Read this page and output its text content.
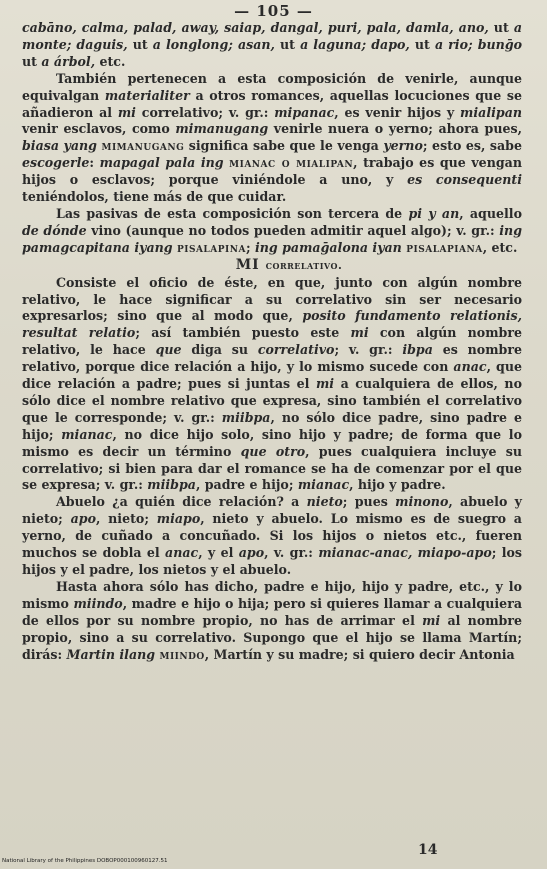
— 105 —

cabāno, calma, palad, away, saiap, dangal, puri, pala, damla, ano, ut a monte; daguis, ut a longlong; asan, ut a laguna; dapo, ut a rio; bunḡo ut a árbol, etc.

También pertenecen a esta composición de venirle, aunque equivalgan materialiter a otros romances, aquellas locuciones que se añadieron al mi correlativo; v. gr.: mipanac, es venir hijos y mialipan venir esclavos, como mimanugang venirle nuera o yerno; ahora pues, biasa yang mimanugang significa sabe que le venga yerno; esto es, sabe escogerle: mapagal pala ing mianac o mialipan, trabajo es que vengan hijos o esclavos; porque viniéndole a uno, y es consequenti teniéndolos, tiene más de que cuidar.

Las pasivas de esta composición son tercera de pi y an, aquello de dónde vino (aunque no todos pueden admitir aquel algo); v. gr.: ing pamagcapitana iyang pisalapina; ing pamaḡalona iyan pisalapiana, etc.

MI correlativo.

Consiste el oficio de éste, en que, junto con algún nombre relativo, le hace significar a su correlativo sin ser necesario expresarlos; sino que al modo que, posito fundamento relationis, resultat relatio; así también puesto este mi con algún nombre relativo, le hace que diga su correlativo; v. gr.: ibpa es nombre relativo, porque dice relación a hijo, y lo mismo sucede con anac, que dice relación a padre; pues si juntas el mi a cualquiera de ellos, no sólo dice el nombre relativo que expresa, sino también el correlativo que le corresponde; v. gr.: miibpa, no sólo dice padre, sino padre e hijo; mianac, no dice hijo solo, sino hijo y padre; de forma que lo mismo es decir un término que otro, pues cualquiera incluye su correlativo; si bien para dar el romance se ha de comenzar por el que se expresa; v. gr.: miibpa, padre e hijo; mianac, hijo y padre.

Abuelo ¿a quién dice relación? a nieto; pues minono, abuelo y nieto; apo, nieto; miapo, nieto y abuelo. Lo mismo es de suegro a yerno, de cuñado a concuñado. Si los hijos o nietos etc., fueren muchos se dobla el anac, y el apo, v. gr.: mianac-anac, miapo-apo; los hijos y el padre, los nietos y el abuelo.

Hasta ahora sólo has dicho, padre e hijo, hijo y padre, etc., y lo mismo miindo, madre e hijo o hija; pero si quieres llamar a cualquiera de ellos por su nombre propio, no has de arrimar el mi al nombre propio, sino a su correlativo. Supongo que el hijo se llama Martín; dirás: Martin ilang miindo, Martín y su madre; si quiero decir Antonia

14
National Library of the Philippines DOBOP000100960127.51
